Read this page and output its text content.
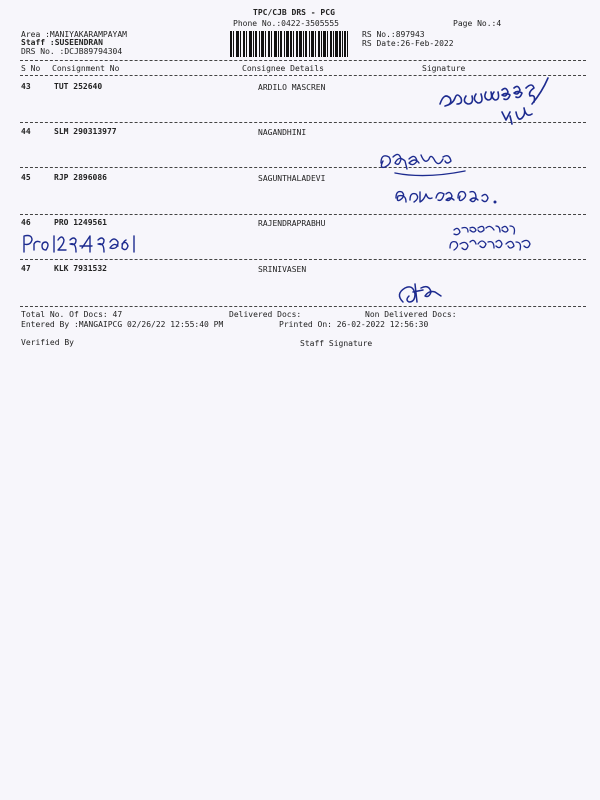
TPC/CJB DRS - PCG
Phone No.:0422-3505555	Page No.:4
Area :MANIYAKARAMPAYAM
Staff :SUSEENDRAN
DRS No. :DCJB89794304
RS No.:897943
RS Date:26-Feb-2022
S No Consignment No	Consignee Details	Signature
43	TUT 252640	ARDILO MASCREN
44	SLM 290313977	NAGANDHINI
45	RJP 2896086	SAGUNTHALADEVI
46	PRO 1249561	RAJENDRAPRABHU
47	KLK 7931532	SRINIVASEN
Total No. Of Docs: 47	Delivered Docs:	Non Delivered Docs:
Entered By :MANGAIPCG 02/26/22 12:55:40 PM	Printed On: 26-02-2022 12:56:30
Verified By	Staff Signature
